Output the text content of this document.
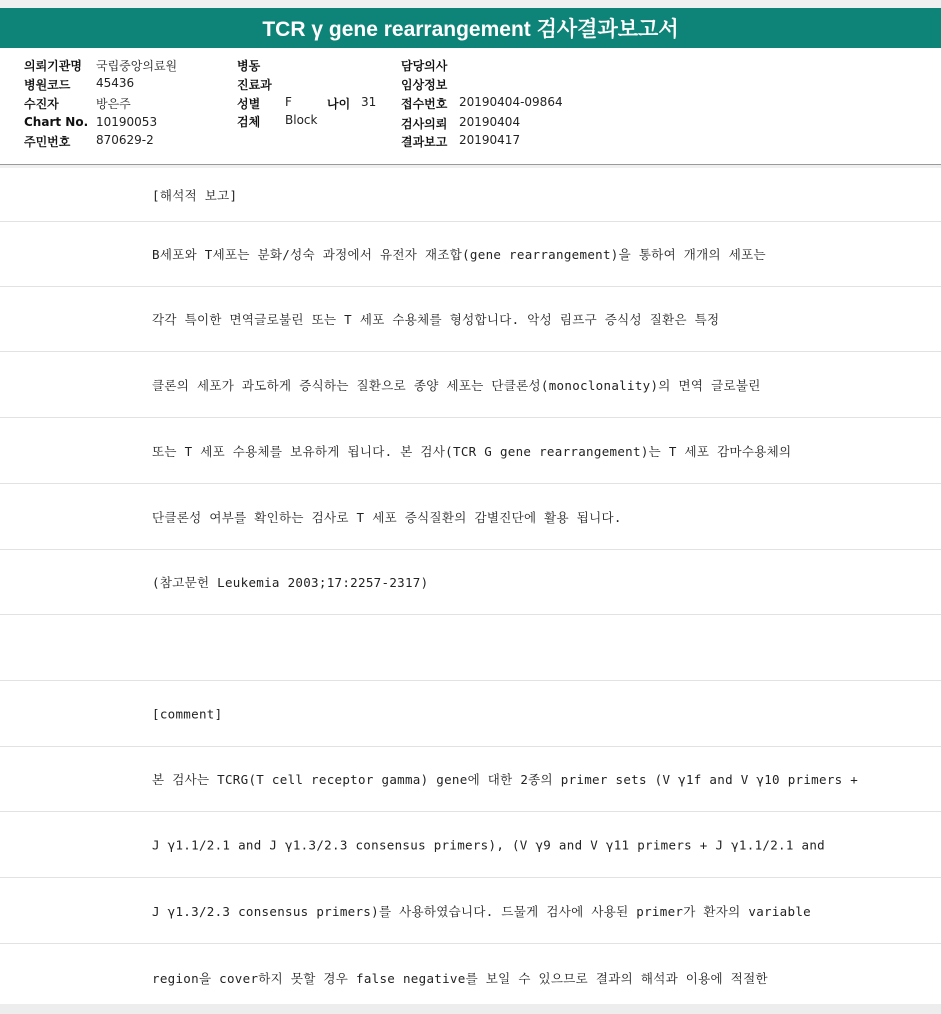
TCR γ gene rearrangement 검사결과보고서
의뢰기관명 국립중앙의료원
병원코드 45436
수진자	방은주
Chart No. 10190053
주민번호 870629-2
병동
진료과
성별 F	나이 31
검체 Block
담당의사
임상정보
접수번호 20190404-09864
검사의뢰 20190404
결과보고 20190417
[해석적 보고]
B세포와 T세포는 분화/성숙 과정에서 유전자 재조합(gene rearrangement)을 통하여 개개의 세포는
각각 특이한 면역글로불린 또는 T 세포 수용체를 형성합니다. 악성 림프구 증식성 질환은 특정
클론의 세포가 과도하게 증식하는 질환으로 종양 세포는 단클론성(monoclonality)의 면역 글로불린
또는 T 세포 수용체를 보유하게 됩니다. 본 검사(TCR G gene rearrangement)는 T 세포 감마수용체의
단클론성 여부를 확인하는 검사로 T 세포 증식질환의 감별진단에 활용 됩니다.
(참고문헌 Leukemia 2003;17:2257-2317)
[comment]
본 검사는 TCRG(T cell receptor gamma) gene에 대한 2종의 primer sets (V γ1f and V γ10 primers +
J γ1.1/2.1 and J γ1.3/2.3 consensus primers), (V γ9 and V γ11 primers + J γ1.1/2.1 and
J γ1.3/2.3 consensus primers)를 사용하였습니다. 드물게 검사에 사용된 primer가 환자의 variable
region을 cover하지 못할 경우 false negative를 보일 수 있으므로 결과의 해석과 이용에 적절한
